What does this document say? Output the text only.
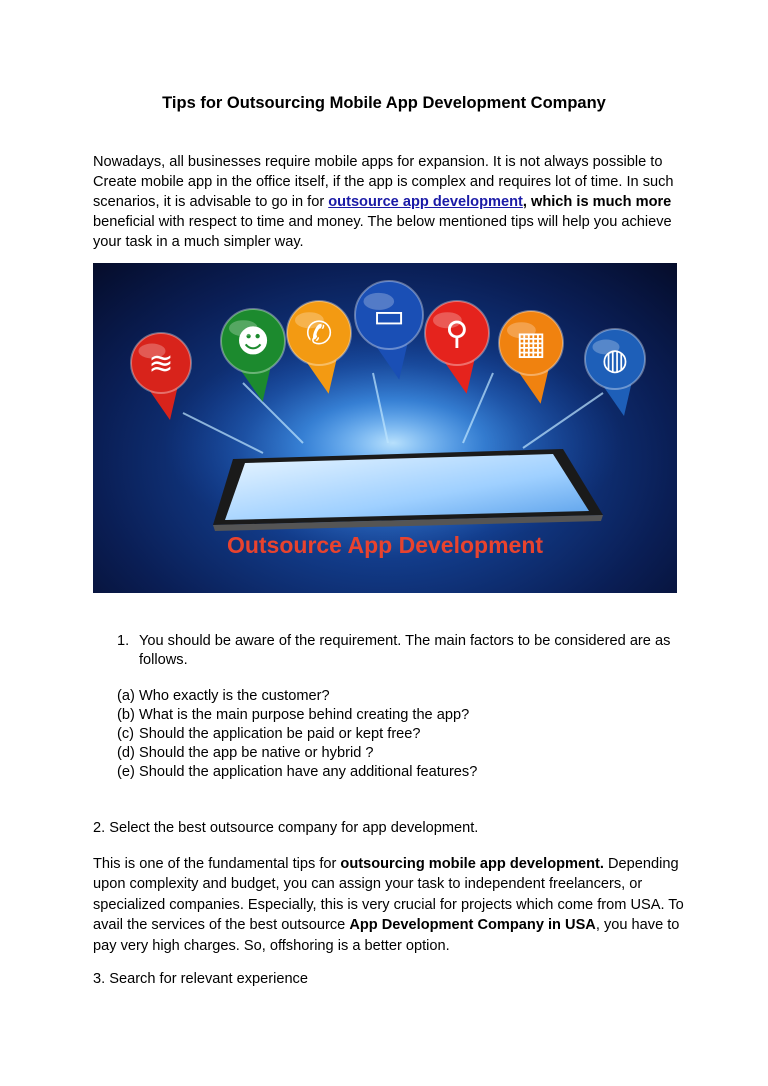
Tips for Outsourcing Mobile App Development Company

Nowadays, all businesses require mobile apps for expansion. It is not always possible to
Create mobile app in the office itself, if the app is complex and requires lot of time. In such
scenarios, it is advisable to go in for outsource app development, which is much more
beneficial with respect to time and money. The below mentioned tips will help you achieve
your task in a much simpler way.

≋
☻ ✆ ▭ ⚲ ▦ ◍
Outsource App Development
1. You should be aware of the requirement. The main factors to be considered are as
follows.
(a) Who exactly is the customer?
(b) What is the main purpose behind creating the app?
(c) Should the application be paid or kept free?
(d) Should the app be native or hybrid ?
(e) Should the application have any additional features?
2. Select the best outsource company for app development.

This is one of the fundamental tips for outsourcing mobile app development. Depending
upon complexity and budget, you can assign your task to independent freelancers, or
specialized companies. Especially, this is very crucial for projects which come from USA. To
avail the services of the best outsource App Development Company in USA, you have to
pay very high charges. So, offshoring is a better option.

3. Search for relevant experience
